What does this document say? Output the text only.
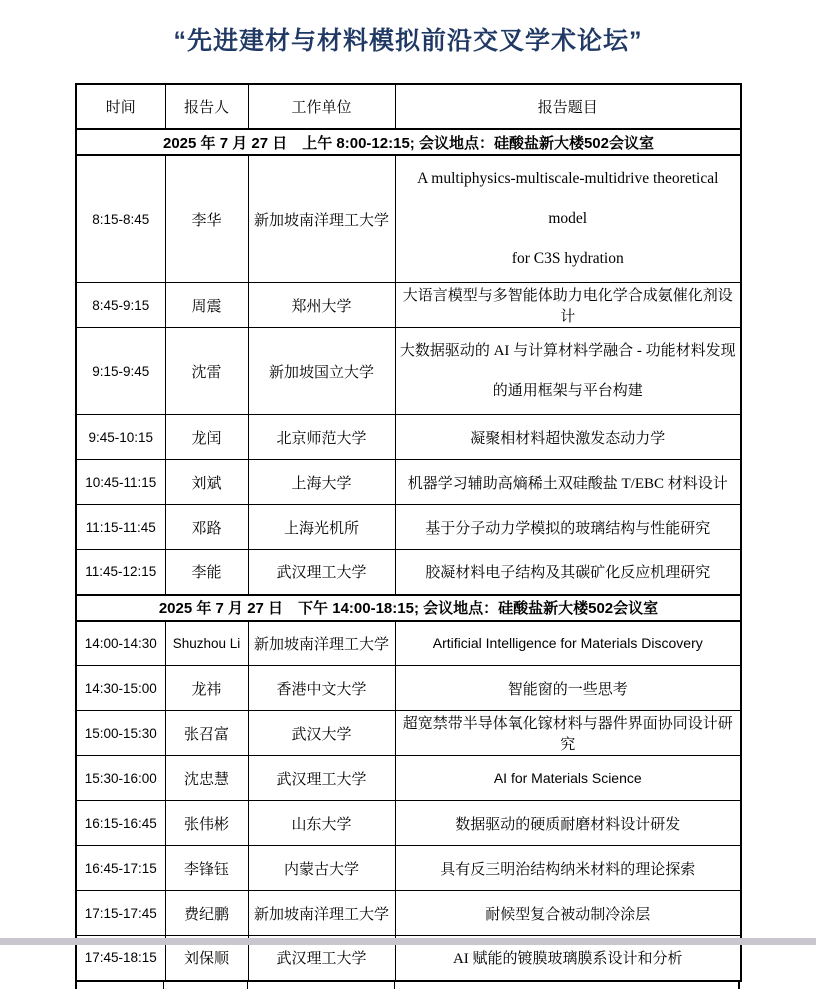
“先进建材与材料模拟前沿交叉学术论坛”
时间	报告人	工作单位	报告题目
2025 年 7 月 27 日　上午 8:00-12:15; 会议地点：硅酸盐新大楼502会议室			
8:15-8:45	李华	新加坡南洋理工大学	A multiphysics-multiscale-multidrive theoretical model
for C3S hydration
8:45-9:15	周震	郑州大学	大语言模型与多智能体助力电化学合成氨催化剂设计
9:15-9:45	沈雷	新加坡国立大学	大数据驱动的 AI 与计算材料学融合 - 功能材料发现
的通用框架与平台构建
9:45-10:15	龙闰	北京师范大学	凝聚相材料超快激发态动力学
10:45-11:15	刘斌	上海大学	机器学习辅助高熵稀土双硅酸盐 T/EBC 材料设计
11:15-11:45	邓路	上海光机所	基于分子动力学模拟的玻璃结构与性能研究
11:45-12:15	李能	武汉理工大学	胶凝材料电子结构及其碳矿化反应机理研究
2025 年 7 月 27 日　下午 14:00-18:15; 会议地点：硅酸盐新大楼502会议室			
14:00-14:30	Shuzhou Li	新加坡南洋理工大学	Artificial Intelligence for Materials Discovery
14:30-15:00	龙祎	香港中文大学	智能窗的一些思考
15:00-15:30	张召富	武汉大学	超宽禁带半导体氧化镓材料与器件界面协同设计研究
15:30-16:00	沈忠慧	武汉理工大学	AI for Materials Science
16:15-16:45	张伟彬	山东大学	数据驱动的硬质耐磨材料设计研发
16:45-17:15	李锋钰	内蒙古大学	具有反三明治结构纳米材料的理论探索
17:15-17:45	费纪鹏	新加坡南洋理工大学	耐候型复合被动制冷涂层
17:45-18:15	刘保顺	武汉理工大学	AI 赋能的镀膜玻璃膜系设计和分析
